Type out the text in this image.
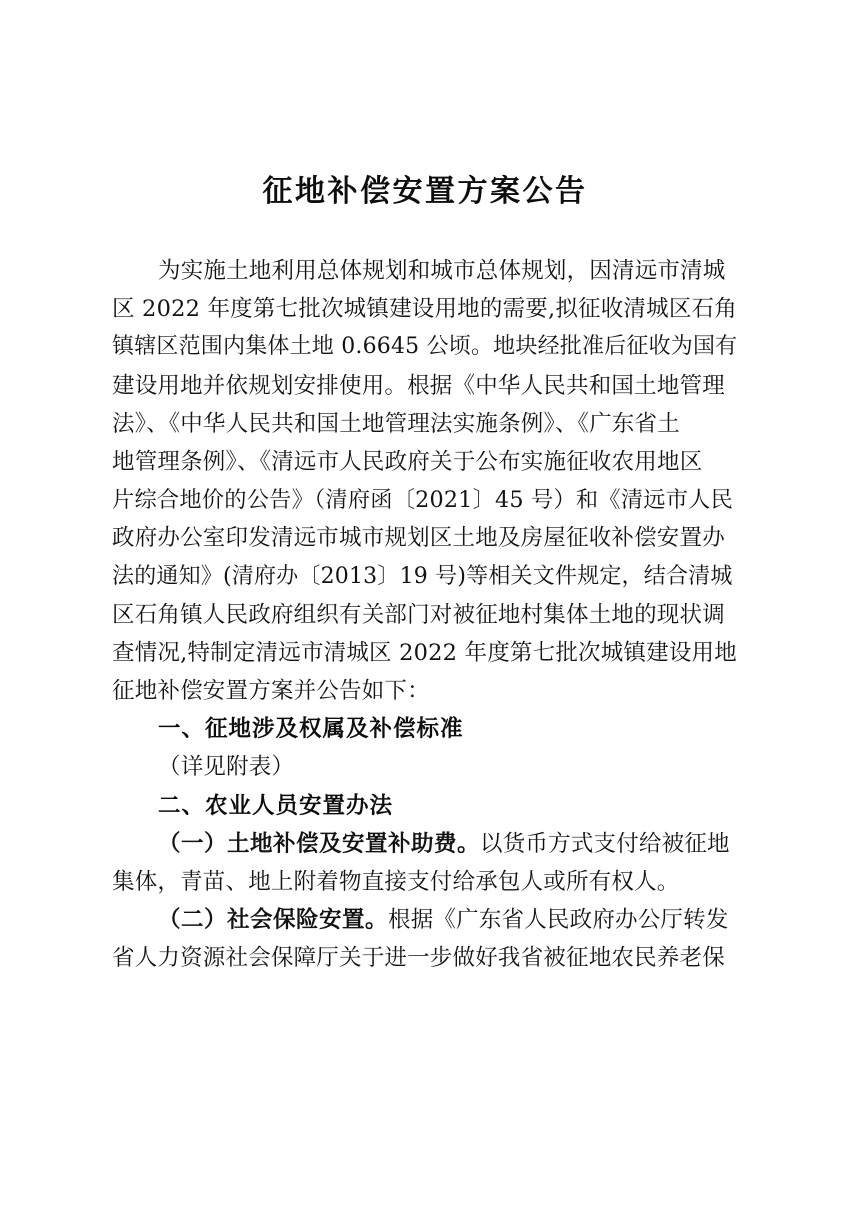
征地补偿安置方案公告
为实施土地利用总体规划和城市总体规划，因清远市清城
区 2022 年度第七批次城镇建设用地的需要,拟征收清城区石角
镇辖区范围内集体土地 0.6645 公顷。地块经批准后征收为国有
建设用地并依规划安排使用。根据《中华人民共和国土地管理
法》、《中华人民共和国土地管理法实施条例》、《广东省土
地管理条例》、《清远市人民政府关于公布实施征收农用地区
片综合地价的公告》（清府函〔2021〕45 号）和《清远市人民
政府办公室印发清远市城市规划区土地及房屋征收补偿安置办
法的通知》(清府办〔2013〕19 号)等相关文件规定，结合清城
区石角镇人民政府组织有关部门对被征地村集体土地的现状调
查情况,特制定清远市清城区 2022 年度第七批次城镇建设用地
征地补偿安置方案并公告如下：
一、征地涉及权属及补偿标准
（详见附表）
二、农业人员安置办法
（一）土地补偿及安置补助费。以货币方式支付给被征地
集体，青苗、地上附着物直接支付给承包人或所有权人。
（二）社会保险安置。根据《广东省人民政府办公厅转发
省人力资源社会保障厅关于进一步做好我省被征地农民养老保
